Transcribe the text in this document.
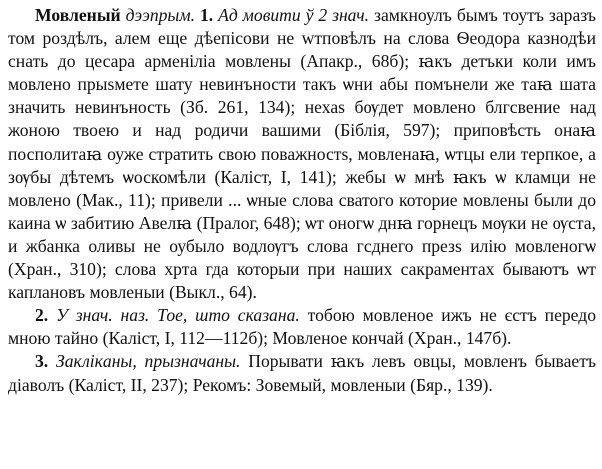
Мовленый дээпрым. 1. Ад мовити ў 2 знач. замкноулъ бымъ тоутъ заразъ том роздѣлъ, алем еще дѣепісови не wтповѣлъ на слова Ѳеодора казнодѣи снать до цесара арменіліа мовлены (Апакр., 68б); ꙗкъ детъки коли имъ мовлено прыsмете шату невинъности такъ ѡни абы помънели же таꙗ шата значить невинъность (Зб. 261, 134); нехаs бѹдет мовлено блгсвение над жоною твоею и над родичи вашими (Біблія, 597); приповѣсть онаꙗ посполитаꙗ оуже стратить свою поважностs, мовленаꙗ, ѡтцы ели терпкое, а зѹбы дѣтемъ ѡоскомѣли (Каліст, I, 141); жебы ѡ мнѣ ꙗкъ ѡ кламци не мовлено (Мак., 11); привели ... ѡные слова сватого которие мовлены были до каина ѡ забитию Авелꙗ (Пралог, 648); ѡт оногѡ днꙗ горнецъ мѹки не ѹста, и жбанка оливы не оубыло водлѹгъ слова гсднего презs илію мовленогѡ (Хран., 310); слова хрта гда которыи при наших сакраментах бываютъ ѡт каплановъ мовленыи (Выкл., 64).

2. У знач. наз. Тое, што сказана. тобою мовленое ижъ не єстъ передо мною тайно (Каліст, I, 112—112б); Мовленое кончай (Хран., 147б).

3. Заклікaны, прызначаны. Порывати ꙗкъ левъ овцы, мовленъ бываетъ діаволъ (Каліст, II, 237); Рекомъ: Зовемый, мовленыи (Бяр., 139).
